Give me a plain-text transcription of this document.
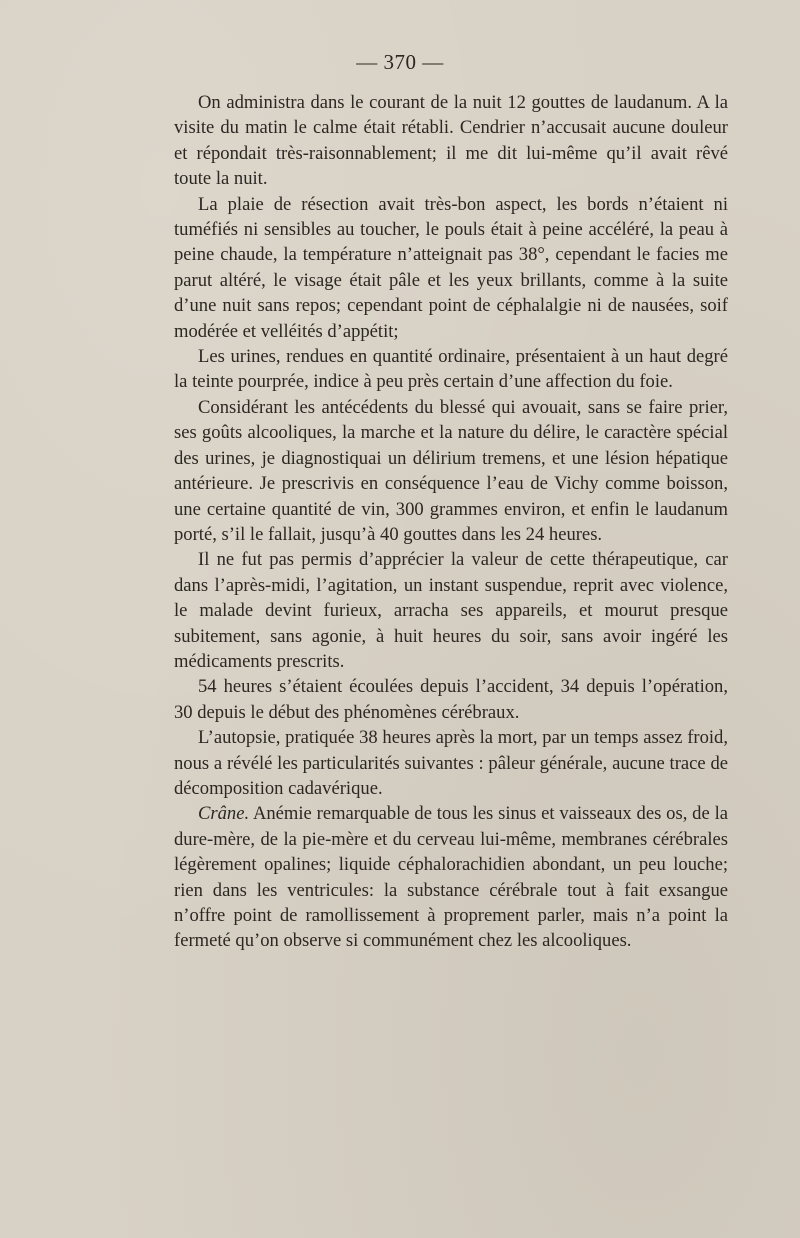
— 370 —

On administra dans le courant de la nuit 12 gouttes de laudanum. A la visite du matin le calme était rétabli. Cendrier n’accusait aucune douleur et répondait très-raisonnablement; il me dit lui-même qu’il avait rêvé toute la nuit.

La plaie de résection avait très-bon aspect, les bords n’étaient ni tuméfiés ni sensibles au toucher, le pouls était à peine accéléré, la peau à peine chaude, la température n’atteignait pas 38°, cependant le facies me parut altéré, le visage était pâle et les yeux brillants, comme à la suite d’une nuit sans repos; cependant point de céphalalgie ni de nausées, soif modérée et velléités d’appétit;

Les urines, rendues en quantité ordinaire, présentaient à un haut degré la teinte pourprée, indice à peu près certain d’une affection du foie.

Considérant les antécédents du blessé qui avouait, sans se faire prier, ses goûts alcooliques, la marche et la nature du délire, le caractère spécial des urines, je diagnostiquai un délirium tremens, et une lésion hépatique antérieure. Je prescrivis en conséquence l’eau de Vichy comme boisson, une certaine quantité de vin, 300 grammes environ, et enfin le laudanum porté, s’il le fallait, jusqu’à 40 gouttes dans les 24 heures.

Il ne fut pas permis d’apprécier la valeur de cette thérapeutique, car dans l’après-midi, l’agitation, un instant suspendue, reprit avec violence, le malade devint furieux, arracha ses appareils, et mourut presque subitement, sans agonie, à huit heures du soir, sans avoir ingéré les médicaments prescrits.

54 heures s’étaient écoulées depuis l’accident, 34 depuis l’opération, 30 depuis le début des phénomènes cérébraux.

L’autopsie, pratiquée 38 heures après la mort, par un temps assez froid, nous a révélé les particularités suivantes : pâleur générale, aucune trace de décomposition cadavérique.

Crâne. Anémie remarquable de tous les sinus et vaisseaux des os, de la dure-mère, de la pie-mère et du cerveau lui-même, membranes cérébrales légèrement opalines; liquide céphalorachidien abondant, un peu louche; rien dans les ventricules: la substance cérébrale tout à fait exsangue n’offre point de ramollissement à proprement parler, mais n’a point la fermeté qu’on observe si communément chez les alcooliques.
